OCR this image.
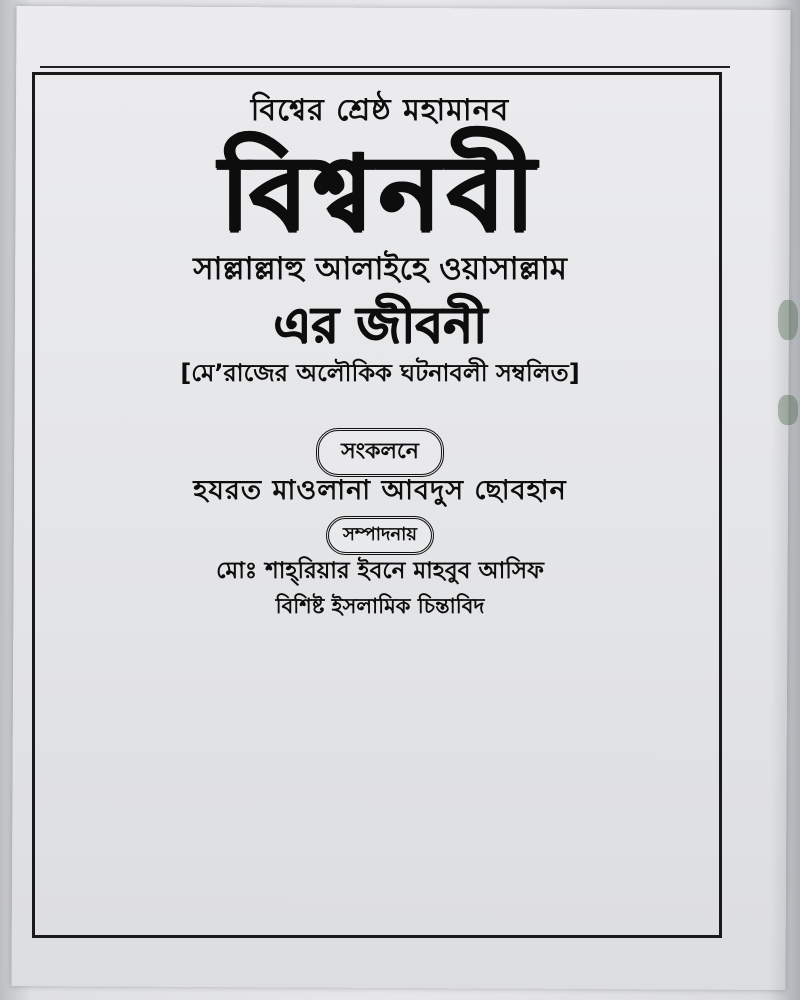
বিশ্বের শ্রেষ্ঠ মহামানব
বিশ্বনবী
সাল্লাল্লাহু আলাইহে ওয়াসাল্লাম
এর জীবনী
[মে’রাজের অলৌকিক ঘটনাবলী সম্বলিত]
সংকলনে
হযরত মাওলানা আবদুস ছোবহান
সম্পাদনায়
মোঃ শাহ্‌রিয়ার ইবনে মাহবুব আসিফ
বিশিষ্ট ইসলামিক চিন্তাবিদ
